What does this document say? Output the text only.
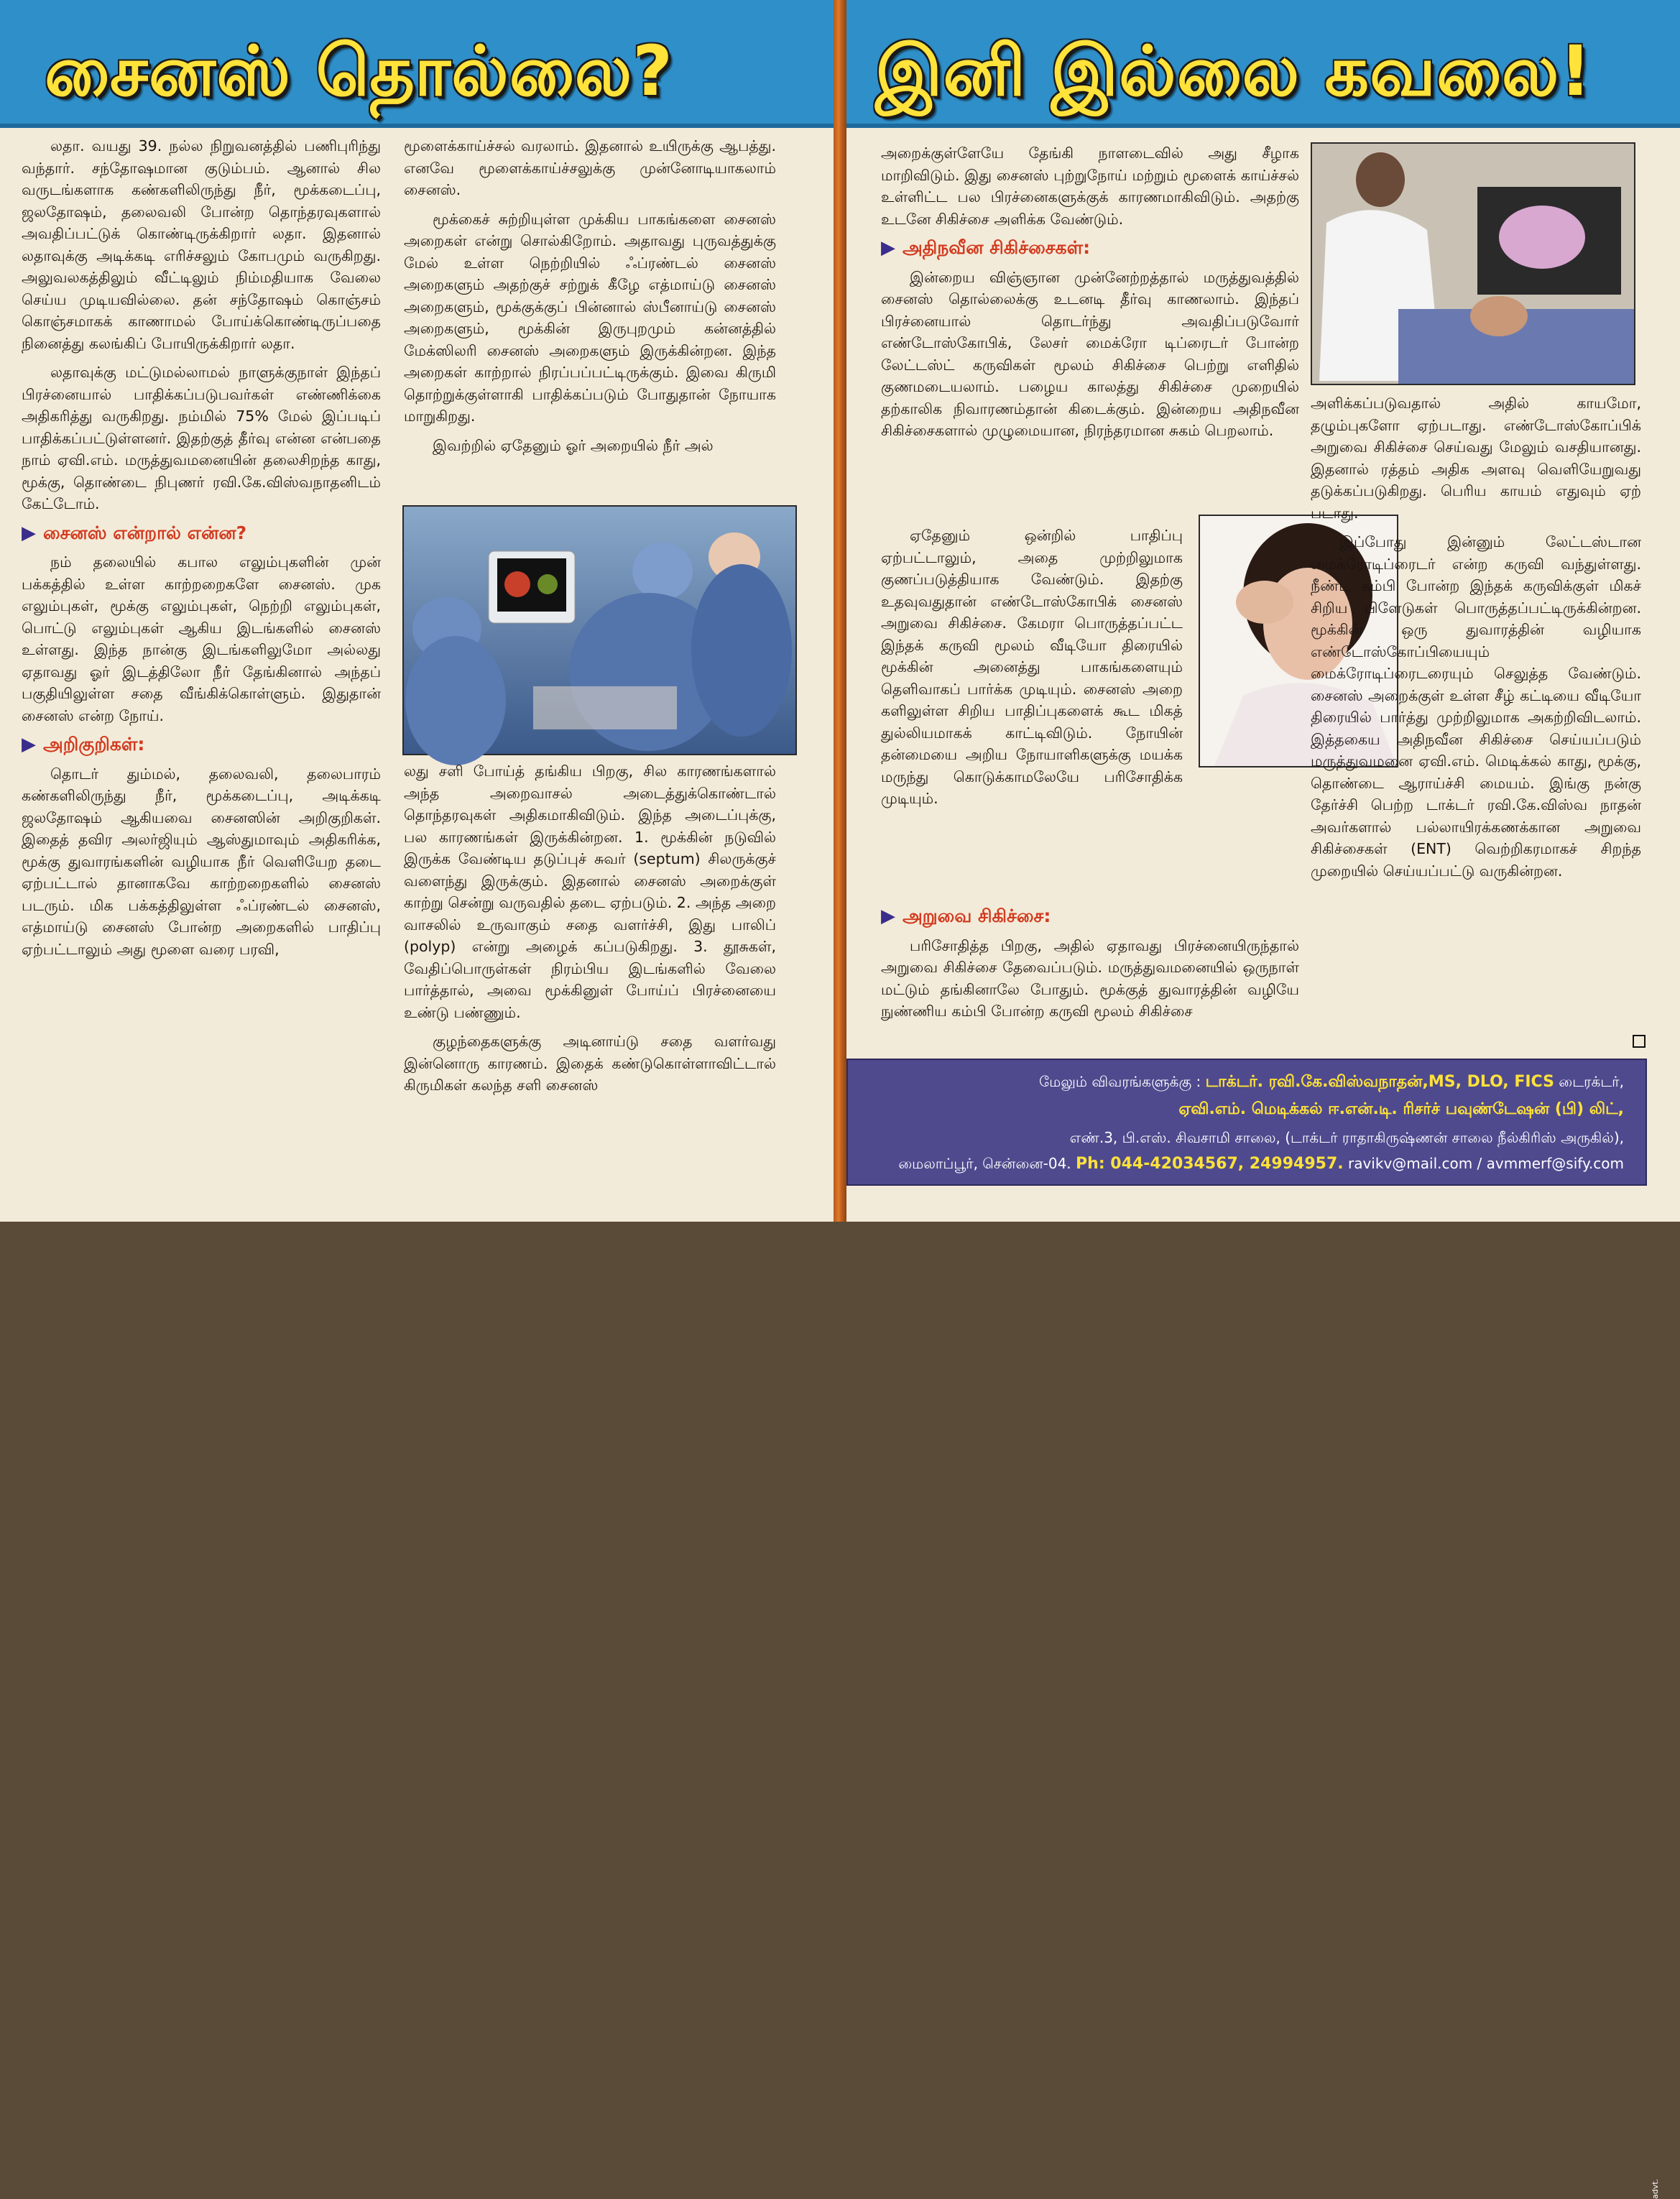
சைனஸ் தொல்லை?

லதா. வயது 39. நல்ல நிறுவனத்தில் பணிபுரிந்து வந்தார். சந்தோஷமான குடும்பம். ஆனால் சில வருடங்களாக கண்களிலிருந்து நீர், மூக்கடைப்பு, ஜலதோஷம், தலைவலி போன்ற தொந்தரவுகளால் அவதிப்பட்டுக் கொண்டிருக்கிறார் லதா. இதனால் லதாவுக்கு அடிக்கடி எரிச்சலும் கோபமும் வருகிறது. அலுவலகத்திலும் வீட்டிலும் நிம்மதியாக வேலை செய்ய முடியவில்லை. தன் சந்தோஷம் கொஞ்சம் கொஞ்சமாகக் காணாமல் போய்க்கொண்டிருப்பதை நினைத்து கலங்கிப் போயிருக்கிறார் லதா.

லதாவுக்கு மட்டுமல்லாமல் நாளுக்குநாள் இந்தப் பிரச்னையால் பாதிக்கப்படுபவர்கள் எண்ணிக்கை அதிகரித்து வருகிறது. நம்மில் 75% மேல் இப்படிப் பாதிக்கப்பட்டுள்ளனர். இதற்குத் தீர்வு என்ன என்பதை நாம் ஏவி.எம். மருத்துவமனையின் தலைசிறந்த காது, மூக்கு, தொண்டை நிபுணர் ரவி.கே.விஸ்வநாதனிடம் கேட்டோம்.

▶ சைனஸ் என்றால் என்ன?

நம் தலையில் கபால எலும்புகளின் முன் பக்கத்தில் உள்ள காற்றறைகளே சைனஸ். முக எலும்புகள், மூக்கு எலும்புகள், நெற்றி எலும்புகள், பொட்டு எலும்புகள் ஆகிய இடங்களில் சைனஸ் உள்ளது. இந்த நான்கு இடங்களிலுமோ அல்லது ஏதாவது ஓர் இடத்திலோ நீர் தேங்கினால் அந்தப் பகுதியிலுள்ள சதை வீங்கிக்கொள்ளும். இதுதான் சைனஸ் என்ற நோய்.

▶ அறிகுறிகள்:

தொடர் தும்மல், தலைவலி, தலைபாரம் கண்களிலிருந்து நீர், மூக்கடைப்பு, அடிக்கடி ஜலதோஷம் ஆகியவை சைனஸின் அறிகுறிகள். இதைத் தவிர அலர்ஜியும் ஆஸ்துமாவும் அதிகரிக்க, மூக்கு துவாரங்களின் வழியாக நீர் வெளியேற தடை ஏற்பட்டால் தானாகவே காற்றறைகளில் சைனஸ் படரும். மிக பக்கத்திலுள்ள ஃப்ரண்டல் சைனஸ், எத்மாய்டு சைனஸ் போன்ற அறைகளில் பாதிப்பு ஏற்பட்டாலும் அது மூளை வரை பரவி,

மூளைக்காய்ச்சல் வரலாம். இதனால் உயிருக்கு ஆபத்து. எனவே மூளைக்காய்ச்சலுக்கு முன்னோடியாகலாம் சைனஸ்.

மூக்கைச் சுற்றியுள்ள முக்கிய பாகங்களை சைனஸ் அறைகள் என்று சொல்கிறோம். அதாவது புருவத்துக்கு மேல் உள்ள நெற்றியில் ஃப்ரண்டல் சைனஸ் அறைகளும் அதற்குச் சற்றுக் கீழே எத்மாய்டு சைனஸ் அறைகளும், மூக்குக்குப் பின்னால் ஸ்பீனாய்டு சைனஸ் அறைகளும், மூக்கின் இருபுறமும் கன்னத்தில் மேக்ஸிலரி சைனஸ் அறைகளும் இருக்கின்றன. இந்த அறைகள் காற்றால் நிரப்பப்பட்டிருக்கும். இவை கிருமி தொற்றுக்குள்ளாகி பாதிக்கப்படும் போதுதான் நோயாக மாறுகிறது.

இவற்றில் ஏதேனும் ஓர் அறையில் நீர் அல்

லது சளி போய்த் தங்கிய பிறகு, சில காரணங்களால் அந்த அறைவாசல் அடைத்துக்கொண்டால் தொந்தரவுகள் அதிகமாகிவிடும். இந்த அடைப்புக்கு, பல காரணங்கள் இருக்கின்றன. 1. மூக்கின் நடுவில் இருக்க வேண்டிய தடுப்புச் சுவர் (septum) சிலருக்குச் வளைந்து இருக்கும். இதனால் சைனஸ் அறைக்குள் காற்று சென்று வருவதில் தடை ஏற்படும். 2. அந்த அறை வாசலில் உருவாகும் சதை வளர்ச்சி, இது பாலிப் (polyp) என்று அழைக் கப்படுகிறது. 3. தூசுகள், வேதிப்பொருள்கள் நிரம்பிய இடங்களில் வேலை பார்த்தால், அவை மூக்கினுள் போய்ப் பிரச்னையை உண்டு பண்ணும்.

குழந்தைகளுக்கு அடினாய்டு சதை வளர்வது இன்னொரு காரணம். இதைக் கண்டுகொள்ளாவிட்டால் கிருமிகள் கலந்த சளி சைனஸ்

இனி இல்லை கவலை!

அறைக்குள்ளேயே தேங்கி நாளடைவில் அது சீழாக மாறிவிடும். இது சைனஸ் புற்றுநோய் மற்றும் மூளைக் காய்ச்சல் உள்ளிட்ட பல பிரச்னைகளுக்குக் காரணமாகிவிடும். அதற்கு உடனே சிகிச்சை அளிக்க வேண்டும்.

▶ அதிநவீன சிகிச்சைகள்:

இன்றைய விஞ்ஞான முன்னேற்றத்தால் மருத்துவத்தில் சைனஸ் தொல்லைக்கு உடனடி தீர்வு காணலாம். இந்தப் பிரச்னையால் தொடர்ந்து அவதிப்படுவோர் எண்டோஸ்கோபிக், லேசர் மைக்ரோ டிப்ரைடர் போன்ற லேட்டஸ்ட் கருவிகள் மூலம் சிகிச்சை பெற்று எளிதில் குணமடையலாம். பழைய காலத்து சிகிச்சை முறையில் தற்காலிக நிவாரணம்தான் கிடைக்கும். இன்றைய அதிநவீன சிகிச்சைகளால் முழுமையான, நிரந்தரமான சுகம் பெறலாம்.

ஏதேனும் ஒன்றில் பாதிப்பு ஏற்பட்டாலும், அதை முற்றிலுமாக குணப்படுத்தியாக வேண்டும். இதற்கு உதவுவதுதான் எண்டோஸ்கோபிக் சைனஸ் அறுவை சிகிச்சை. கேமரா பொருத்தப்பட்ட இந்தக் கருவி மூலம் வீடியோ திரையில் மூக்கின் அனைத்து பாகங்களையும் தெளிவாகப் பார்க்க முடியும். சைனஸ் அறை களிலுள்ள சிறிய பாதிப்புகளைக் கூட மிகத் துல்லியமாகக் காட்டிவிடும். நோயின் தன்மையை அறிய நோயாளிகளுக்கு மயக்க மருந்து கொடுக்காமலேயே பரிசோதிக்க முடியும்.

▶ அறுவை சிகிச்சை:

பரிசோதித்த பிறகு, அதில் ஏதாவது பிரச்னையிருந்தால் அறுவை சிகிச்சை தேவைப்படும். மருத்துவமனையில் ஒருநாள் மட்டும் தங்கினாலே போதும். மூக்குத் துவாரத்தின் வழியே நுண்ணிய கம்பி போன்ற கருவி மூலம் சிகிச்சை

அளிக்கப்படுவதால் அதில் காயமோ, தழும்புகளோ ஏற்படாது. எண்டோஸ்கோப்பிக் அறுவை சிகிச்சை செய்வது மேலும் வசதியானது. இதனால் ரத்தம் அதிக அளவு வெளியேறுவது தடுக்கப்படுகிறது. பெரிய காயம் எதுவும் ஏற் படாது.

இப்போது இன்னும் லேட்டஸ்டான மைக்ரோடிப்ரைடர் என்ற கருவி வந்துள்ளது. நீண்ட கம்பி போன்ற இந்தக் கருவிக்குள் மிகச் சிறிய பிளேடுகள் பொருத்தப்பட்டிருக்கின்றன. மூக்கின் ஒரு துவாரத்தின் வழியாக எண்டோஸ்கோப்பியையும் மைக்ரோடிப்ரைடரையும் செலுத்த வேண்டும். சைனஸ் அறைக்குள் உள்ள சீழ் கட்டியை வீடியோ திரையில் பார்த்து முற்றிலுமாக அகற்றிவிடலாம். இத்தகைய அதிநவீன சிகிச்சை செய்யப்படும் மருத்துவமனை ஏவி.எம். மெடிக்கல் காது, மூக்கு, தொண்டை ஆராய்ச்சி மையம். இங்கு நன்கு தேர்ச்சி பெற்ற டாக்டர் ரவி.கே.விஸ்வ நாதன் அவர்களால் பல்லாயிரக்கணக்கான அறுவை சிகிச்சைகள் (ENT) வெற்றிகரமாகச் சிறந்த முறையில் செய்யப்பட்டு வருகின்றன.

மேலும் விவரங்களுக்கு : டாக்டர். ரவி.கே.விஸ்வநாதன்,MS, DLO, FICS டைரக்டர்,
ஏவி.எம். மெடிக்கல் ஈ.என்.டி. ரிசர்ச் பவுண்டேஷன் (பி) லிட்,
எண்.3, பி.எஸ். சிவசாமி சாலை, (டாக்டர் ராதாகிருஷ்ணன் சாலை நீல்கிரிஸ் அருகில்),
மைலாப்பூர், சென்னை-04. Ph: 044-42034567, 24994957. ravikv@mail.com / avmmerf@sify.com
advt.
